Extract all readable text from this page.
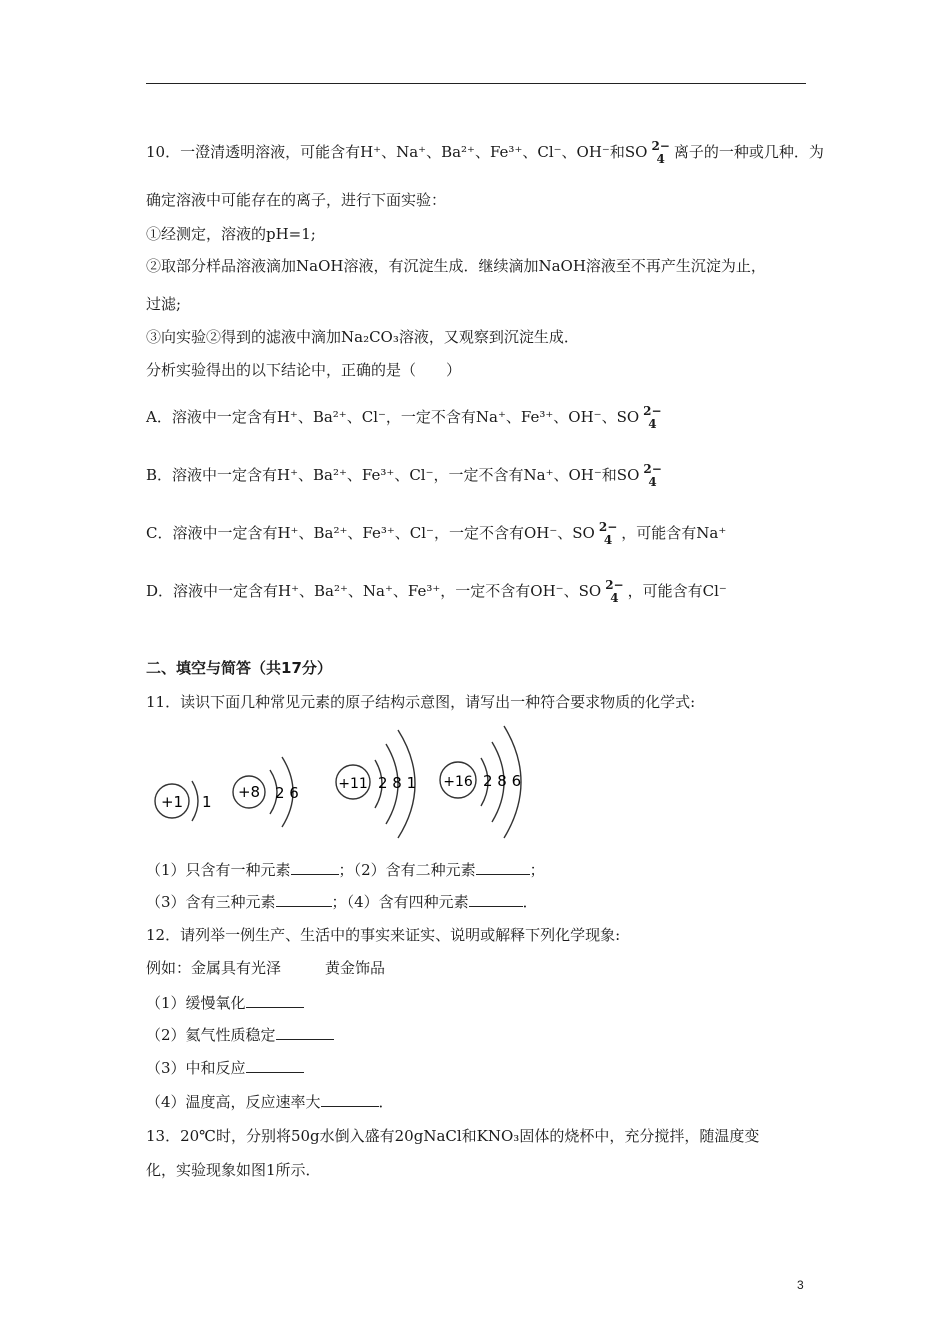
10．一澄清透明溶液，可能含有H⁺、Na⁺、Ba²⁺、Fe³⁺、Cl⁻、OH⁻和SO 2−
4 离子的一种或几种．为
确定溶液中可能存在的离子，进行下面实验：
①经测定，溶液的pH=1;
②取部分样品溶液滴加NaOH溶液，有沉淀生成．继续滴加NaOH溶液至不再产生沉淀为止，
过滤;
③向实验②得到的滤液中滴加Na₂CO₃溶液，又观察到沉淀生成．
分析实验得出的以下结论中，正确的是（　　）
A．溶液中一定含有H⁺、Ba²⁺、Cl⁻，一定不含有Na⁺、Fe³⁺、OH⁻、SO 2−
4
B．溶液中一定含有H⁺、Ba²⁺、Fe³⁺、Cl⁻，一定不含有Na⁺、OH⁻和SO 2−
4
C．溶液中一定含有H⁺、Ba²⁺、Fe³⁺、Cl⁻，一定不含有OH⁻、SO 2−
4 ，可能含有Na⁺
D．溶液中一定含有H⁺、Ba²⁺、Na⁺、Fe³⁺，一定不含有OH⁻、SO 2−
4 ，可能含有Cl⁻
二、填空与简答（共17分）
11．读识下面几种常见元素的原子结构示意图，请写出一种符合要求物质的化学式:
+1 1
+8 2 6	+11 2 8 1 +16 2 8 6
（1）只含有一种元素	；（2）含有二种元素	；
（3）含有三种元素	；（4）含有四种元素	．
12．请列举一例生产、生活中的事实来证实、说明或解释下列化学现象:
例如：金属具有光泽	黄金饰品
（1）缓慢氧化
（2）氦气性质稳定
（3）中和反应
（4）温度高，反应速率大	．
13．20℃时，分别将50g水倒入盛有20gNaCl和KNO₃固体的烧杯中，充分搅拌，随温度变
化，实验现象如图1所示．
3
